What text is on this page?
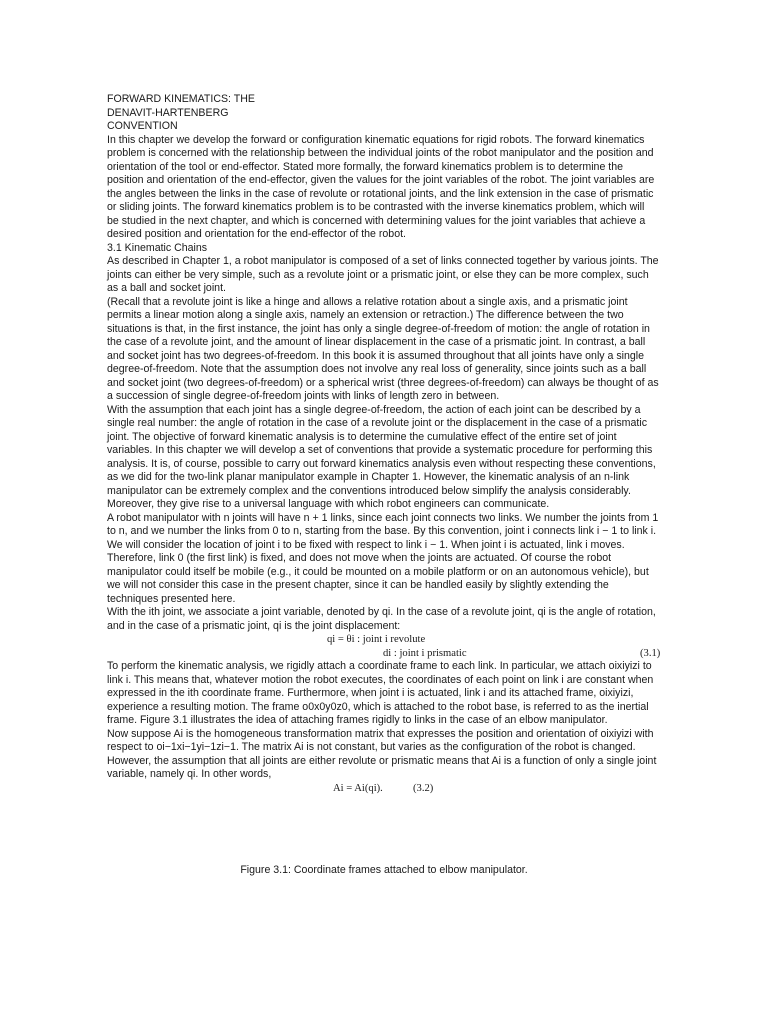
FORWARD KINEMATICS: THE

DENAVIT-HARTENBERG

CONVENTION

In this chapter we develop the forward or configuration kinematic equations for rigid robots. The forward kinematics problem is concerned with the relationship between the individual joints of the robot manipulator and the position and orientation of the tool or end-effector. Stated more formally, the forward kinematics problem is to determine the position and orientation of the end-effector, given the values for the joint variables of the robot. The joint variables are the angles between the links in the case of revolute or rotational joints, and the link extension in the case of prismatic or sliding joints. The forward kinematics problem is to be contrasted with the inverse kinematics problem, which will be studied in the next chapter, and which is concerned with determining values for the joint variables that achieve a desired position and orientation for the end-effector of the robot.

3.1 Kinematic Chains

As described in Chapter 1, a robot manipulator is composed of a set of links connected together by various joints. The joints can either be very simple, such as a revolute joint or a prismatic joint, or else they can be more complex, such as a ball and socket joint.

(Recall that a revolute joint is like a hinge and allows a relative rotation about a single axis, and a prismatic joint permits a linear motion along a single axis, namely an extension or retraction.) The difference between the two situations is that, in the first instance, the joint has only a single degree-of-freedom of motion: the angle of rotation in the case of a revolute joint, and the amount of linear displacement in the case of a prismatic joint. In contrast, a ball and socket joint has two degrees-of-freedom. In this book it is assumed throughout that all joints have only a single degree-of-freedom. Note that the assumption does not involve any real loss of generality, since joints such as a ball and socket joint (two degrees-of-freedom) or a spherical wrist (three degrees-of-freedom) can always be thought of as a succession of single degree-of-freedom joints with links of length zero in between.

With the assumption that each joint has a single degree-of-freedom, the action of each joint can be described by a single real number: the angle of rotation in the case of a revolute joint or the displacement in the case of a prismatic joint. The objective of forward kinematic analysis is to determine the cumulative effect of the entire set of joint variables. In this chapter we will develop a set of conventions that provide a systematic procedure for performing this analysis. It is, of course, possible to carry out forward kinematics analysis even without respecting these conventions, as we did for the two-link planar manipulator example in Chapter 1. However, the kinematic analysis of an n-link manipulator can be extremely complex and the conventions introduced below simplify the analysis considerably. Moreover, they give rise to a universal language with which robot engineers can communicate.

A robot manipulator with n joints will have n + 1 links, since each joint connects two links. We number the joints from 1 to n, and we number the links from 0 to n, starting from the base. By this convention, joint i connects link i − 1 to link i. We will consider the location of joint i to be fixed with respect to link i − 1. When joint i is actuated, link i moves. Therefore, link 0 (the first link) is fixed, and does not move when the joints are actuated. Of course the robot manipulator could itself be mobile (e.g., it could be mounted on a mobile platform or on an autonomous vehicle), but we will not consider this case in the present chapter, since it can be handled easily by slightly extending the techniques presented here.

With the ith joint, we associate a joint variable, denoted by qi. In the case of a revolute joint, qi is the angle of rotation, and in the case of a prismatic joint, qi is the joint displacement:

qi = θi : joint i revolute
di : joint i prismatic	(3.1)

To perform the kinematic analysis, we rigidly attach a coordinate frame to each link. In particular, we attach oixiyizi to link i. This means that, whatever motion the robot executes, the coordinates of each point on link i are constant when expressed in the ith coordinate frame. Furthermore, when joint i is actuated, link i and its attached frame, oixiyizi, experience a resulting motion. The frame o0x0y0z0, which is attached to the robot base, is referred to as the inertial frame. Figure 3.1 illustrates the idea of attaching frames rigidly to links in the case of an elbow manipulator.

Now suppose Ai is the homogeneous transformation matrix that expresses the position and orientation of oixiyizi with respect to oi−1xi−1yi−1zi−1. The matrix Ai is not constant, but varies as the configuration of the robot is changed. However, the assumption that all joints are either revolute or prismatic means that Ai is a function of only a single joint variable, namely qi. In other words,

Ai = Ai(qi).	(3.2)
Figure 3.1: Coordinate frames attached to elbow manipulator.
